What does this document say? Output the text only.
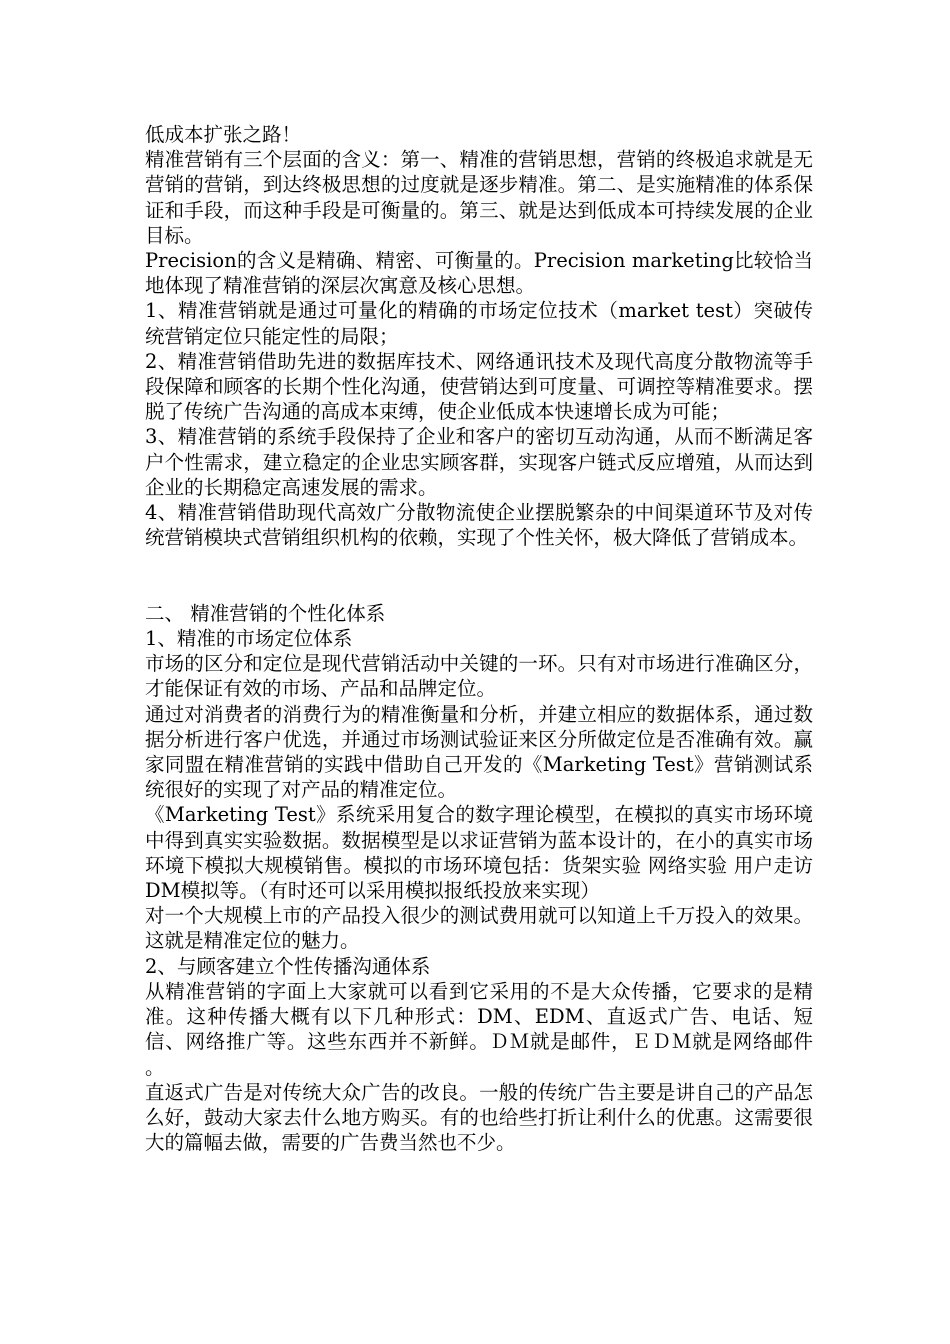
低成本扩张之路！

精准营销有三个层面的含义：第一、精准的营销思想，营销的终极追求就是无营销的营销，到达终极思想的过度就是逐步精准。第二、是实施精准的体系保证和手段，而这种手段是可衡量的。第三、就是达到低成本可持续发展的企业目标。

Precision的含义是精确、精密、可衡量的。Precision marketing比较恰当地体现了精准营销的深层次寓意及核心思想。

1、精准营销就是通过可量化的精确的市场定位技术（market test）突破传统营销定位只能定性的局限；

2、精准营销借助先进的数据库技术、网络通讯技术及现代高度分散物流等手段保障和顾客的长期个性化沟通，使营销达到可度量、可调控等精准要求。摆脱了传统广告沟通的高成本束缚，使企业低成本快速增长成为可能；

3、精准营销的系统手段保持了企业和客户的密切互动沟通，从而不断满足客户个性需求，建立稳定的企业忠实顾客群，实现客户链式反应增殖，从而达到企业的长期稳定高速发展的需求。

4、精准营销借助现代高效广分散物流使企业摆脱繁杂的中间渠道环节及对传统营销模块式营销组织机构的依赖，实现了个性关怀，极大降低了营销成本。

二、 精准营销的个性化体系

1、精准的市场定位体系

市场的区分和定位是现代营销活动中关键的一环。只有对市场进行准确区分，才能保证有效的市场、产品和品牌定位。

通过对消费者的消费行为的精准衡量和分析，并建立相应的数据体系，通过数据分析进行客户优选，并通过市场测试验证来区分所做定位是否准确有效。赢家同盟在精准营销的实践中借助自己开发的《Marketing Test》营销测试系统很好的实现了对产品的精准定位。

《Marketing Test》系统采用复合的数字理论模型，在模拟的真实市场环境中得到真实实验数据。数据模型是以求证营销为蓝本设计的，在小的真实市场环境下模拟大规模销售。模拟的市场环境包括：货架实验 网络实验 用户走访 DM模拟等。（有时还可以采用模拟报纸投放来实现）

对一个大规模上市的产品投入很少的测试费用就可以知道上千万投入的效果。这就是精准定位的魅力。

2、与顾客建立个性传播沟通体系

从精准营销的字面上大家就可以看到它采用的不是大众传播，它要求的是精准。这种传播大概有以下几种形式：DM、EDM、直返式广告、电话、短信、网络推广等。这些东西并不新鲜。ＤＭ就是邮件，ＥＤＭ就是网络邮件 。

直返式广告是对传统大众广告的改良。一般的传统广告主要是讲自己的产品怎么好，鼓动大家去什么地方购买。有的也给些打折让利什么的优惠。这需要很大的篇幅去做，需要的广告费当然也不少。
